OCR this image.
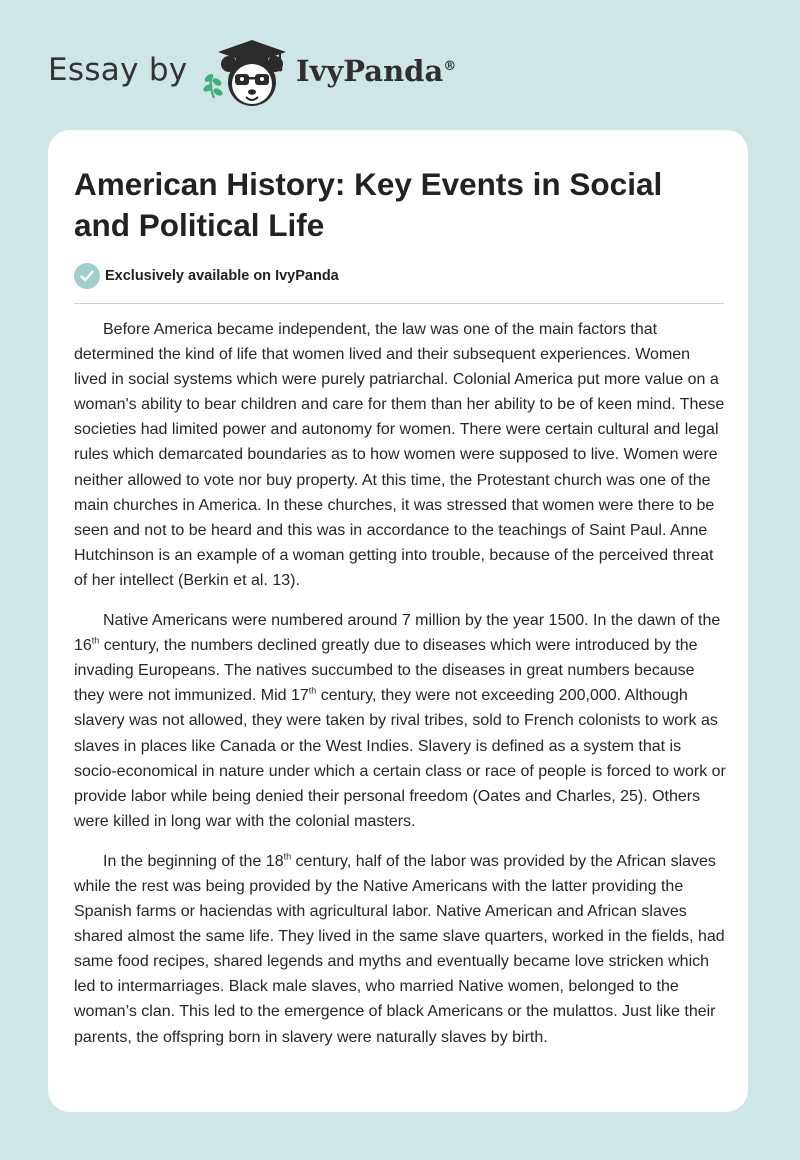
Essay by	IvyPanda®
American History: Key Events in Social and Political Life
Exclusively available on IvyPanda

Before America became independent, the law was one of the main factors that determined the kind of life that women lived and their subsequent experiences. Women lived in social systems which were purely patriarchal. Colonial America put more value on a woman's ability to bear children and care for them than her ability to be of keen mind. These societies had limited power and autonomy for women. There were certain cultural and legal rules which demarcated boundaries as to how women were supposed to live. Women were neither allowed to vote nor buy property. At this time, the Protestant church was one of the main churches in America. In these churches, it was stressed that women were there to be seen and not to be heard and this was in accordance to the teachings of Saint Paul. Anne Hutchinson is an example of a woman getting into trouble, because of the perceived threat of her intellect (Berkin et al. 13).

Native Americans were numbered around 7 million by the year 1500. In the dawn of the 16th century, the numbers declined greatly due to diseases which were introduced by the invading Europeans. The natives succumbed to the diseases in great numbers because they were not immunized. Mid 17th century, they were not exceeding 200,000. Although slavery was not allowed, they were taken by rival tribes, sold to French colonists to work as slaves in places like Canada or the West Indies. Slavery is defined as a system that is socio-economical in nature under which a certain class or race of people is forced to work or provide labor while being denied their personal freedom (Oates and Charles, 25). Others were killed in long war with the colonial masters.

In the beginning of the 18th century, half of the labor was provided by the African slaves while the rest was being provided by the Native Americans with the latter providing the Spanish farms or haciendas with agricultural labor. Native American and African slaves shared almost the same life. They lived in the same slave quarters, worked in the fields, had same food recipes, shared legends and myths and eventually became love stricken which led to intermarriages. Black male slaves, who married Native women, belonged to the woman’s clan. This led to the emergence of black Americans or the mulattos. Just like their parents, the offspring born in slavery were naturally slaves by birth.
